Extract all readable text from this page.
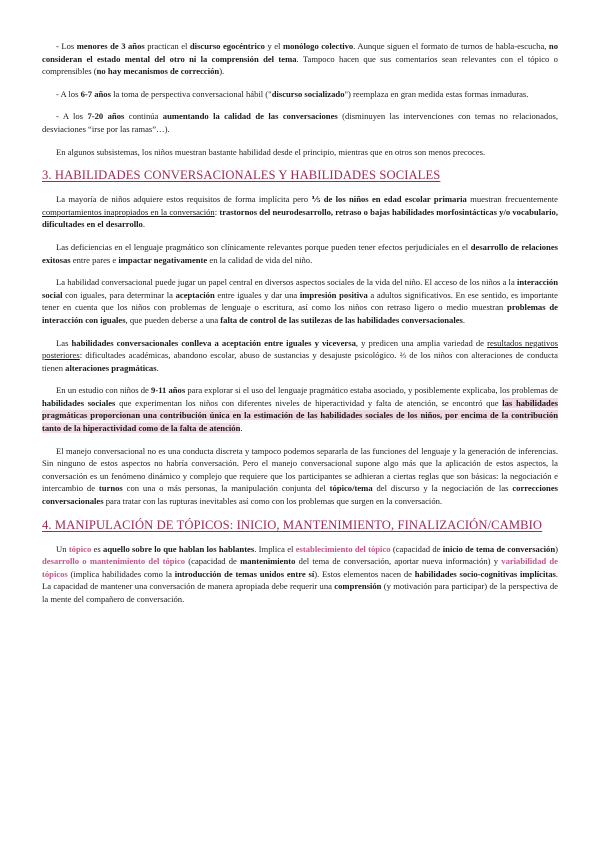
- Los menores de 3 años practican el discurso egocéntrico y el monólogo colectivo. Aunque siguen el formato de turnos de habla-escucha, no consideran el estado mental del otro ni la comprensión del tema. Tampoco hacen que sus comentarios sean relevantes con el tópico o comprensibles (no hay mecanismos de corrección).

- A los 6-7 años la toma de perspectiva conversacional hábil ("discurso socializado") reemplaza en gran medida estas formas inmaduras.

- A los 7-20 años continúa aumentando la calidad de las conversaciones (disminuyen las intervenciones con temas no relacionados, desviaciones “irse por las ramas”…).

En algunos subsistemas, los niños muestran bastante habilidad desde el principio, mientras que en otros son menos precoces.

3. HABILIDADES CONVERSACIONALES Y HABILIDADES SOCIALES

La mayoría de niños adquiere estos requisitos de forma implícita pero ⅕ de los niños en edad escolar primaria muestran frecuentemente comportamientos inapropiados en la conversación: trastornos del neurodesarrollo, retraso o bajas habilidades morfosintácticas y/o vocabulario, dificultades en el desarrollo.

Las deficiencias en el lenguaje pragmático son clínicamente relevantes porque pueden tener efectos perjudiciales en el desarrollo de relaciones exitosas entre pares e impactar negativamente en la calidad de vida del niño.

La habilidad conversacional puede jugar un papel central en diversos aspectos sociales de la vida del niño. El acceso de los niños a la interacción social con iguales, para determinar la aceptación entre iguales y dar una impresión positiva a adultos significativos. En ese sentido, es importante tener en cuenta que los niños con problemas de lenguaje o escritura, así como los niños con retraso ligero o medio muestran problemas de interacción con iguales, que pueden deberse a una falta de control de las sutilezas de las habilidades conversacionales.

Las habilidades conversacionales conlleva a aceptación entre iguales y viceversa, y predicen una amplia variedad de resultados negativos posteriores: dificultades académicas, abandono escolar, abuso de sustancias y desajuste psicológico. ⅔ de los niños con alteraciones de conducta tienen alteraciones pragmáticas.

En un estudio con niños de 9-11 años para explorar si el uso del lenguaje pragmático estaba asociado, y posiblemente explicaba, los problemas de habilidades sociales que experimentan los niños con diferentes niveles de hiperactividad y falta de atención, se encontró que las habilidades pragmáticas proporcionan una contribución única en la estimación de las habilidades sociales de los niños, por encima de la contribución tanto de la hiperactividad como de la falta de atención.

El manejo conversacional no es una conducta discreta y tampoco podemos separarla de las funciones del lenguaje y la generación de inferencias. Sin ninguno de estos aspectos no habría conversación. Pero el manejo conversacional supone algo más que la aplicación de estos aspectos, la conversación es un fenómeno dinámico y complejo que requiere que los participantes se adhieran a ciertas reglas que son básicas: la negociación e intercambio de turnos con una o más personas, la manipulación conjunta del tópico/tema del discurso y la negociación de las correcciones conversacionales para tratar con las rupturas inevitables así como con los problemas que surgen en la conversación.

4. MANIPULACIÓN DE TÓPICOS: INICIO, MANTENIMIENTO, FINALIZACIÓN/CAMBIO

Un tópico es aquello sobre lo que hablan los hablantes. Implica el establecimiento del tópico (capacidad de inicio de tema de conversación) desarrollo o mantenimiento del tópico (capacidad de mantenimiento del tema de conversación, aportar nueva información) y variabilidad de tópicos (implica habilidades como la introducción de temas unidos entre sí). Estos elementos nacen de habilidades socio-cognitivas implícitas. La capacidad de mantener una conversación de manera apropiada debe requerir una comprensión (y motivación para participar) de la perspectiva de la mente del compañero de conversación.
